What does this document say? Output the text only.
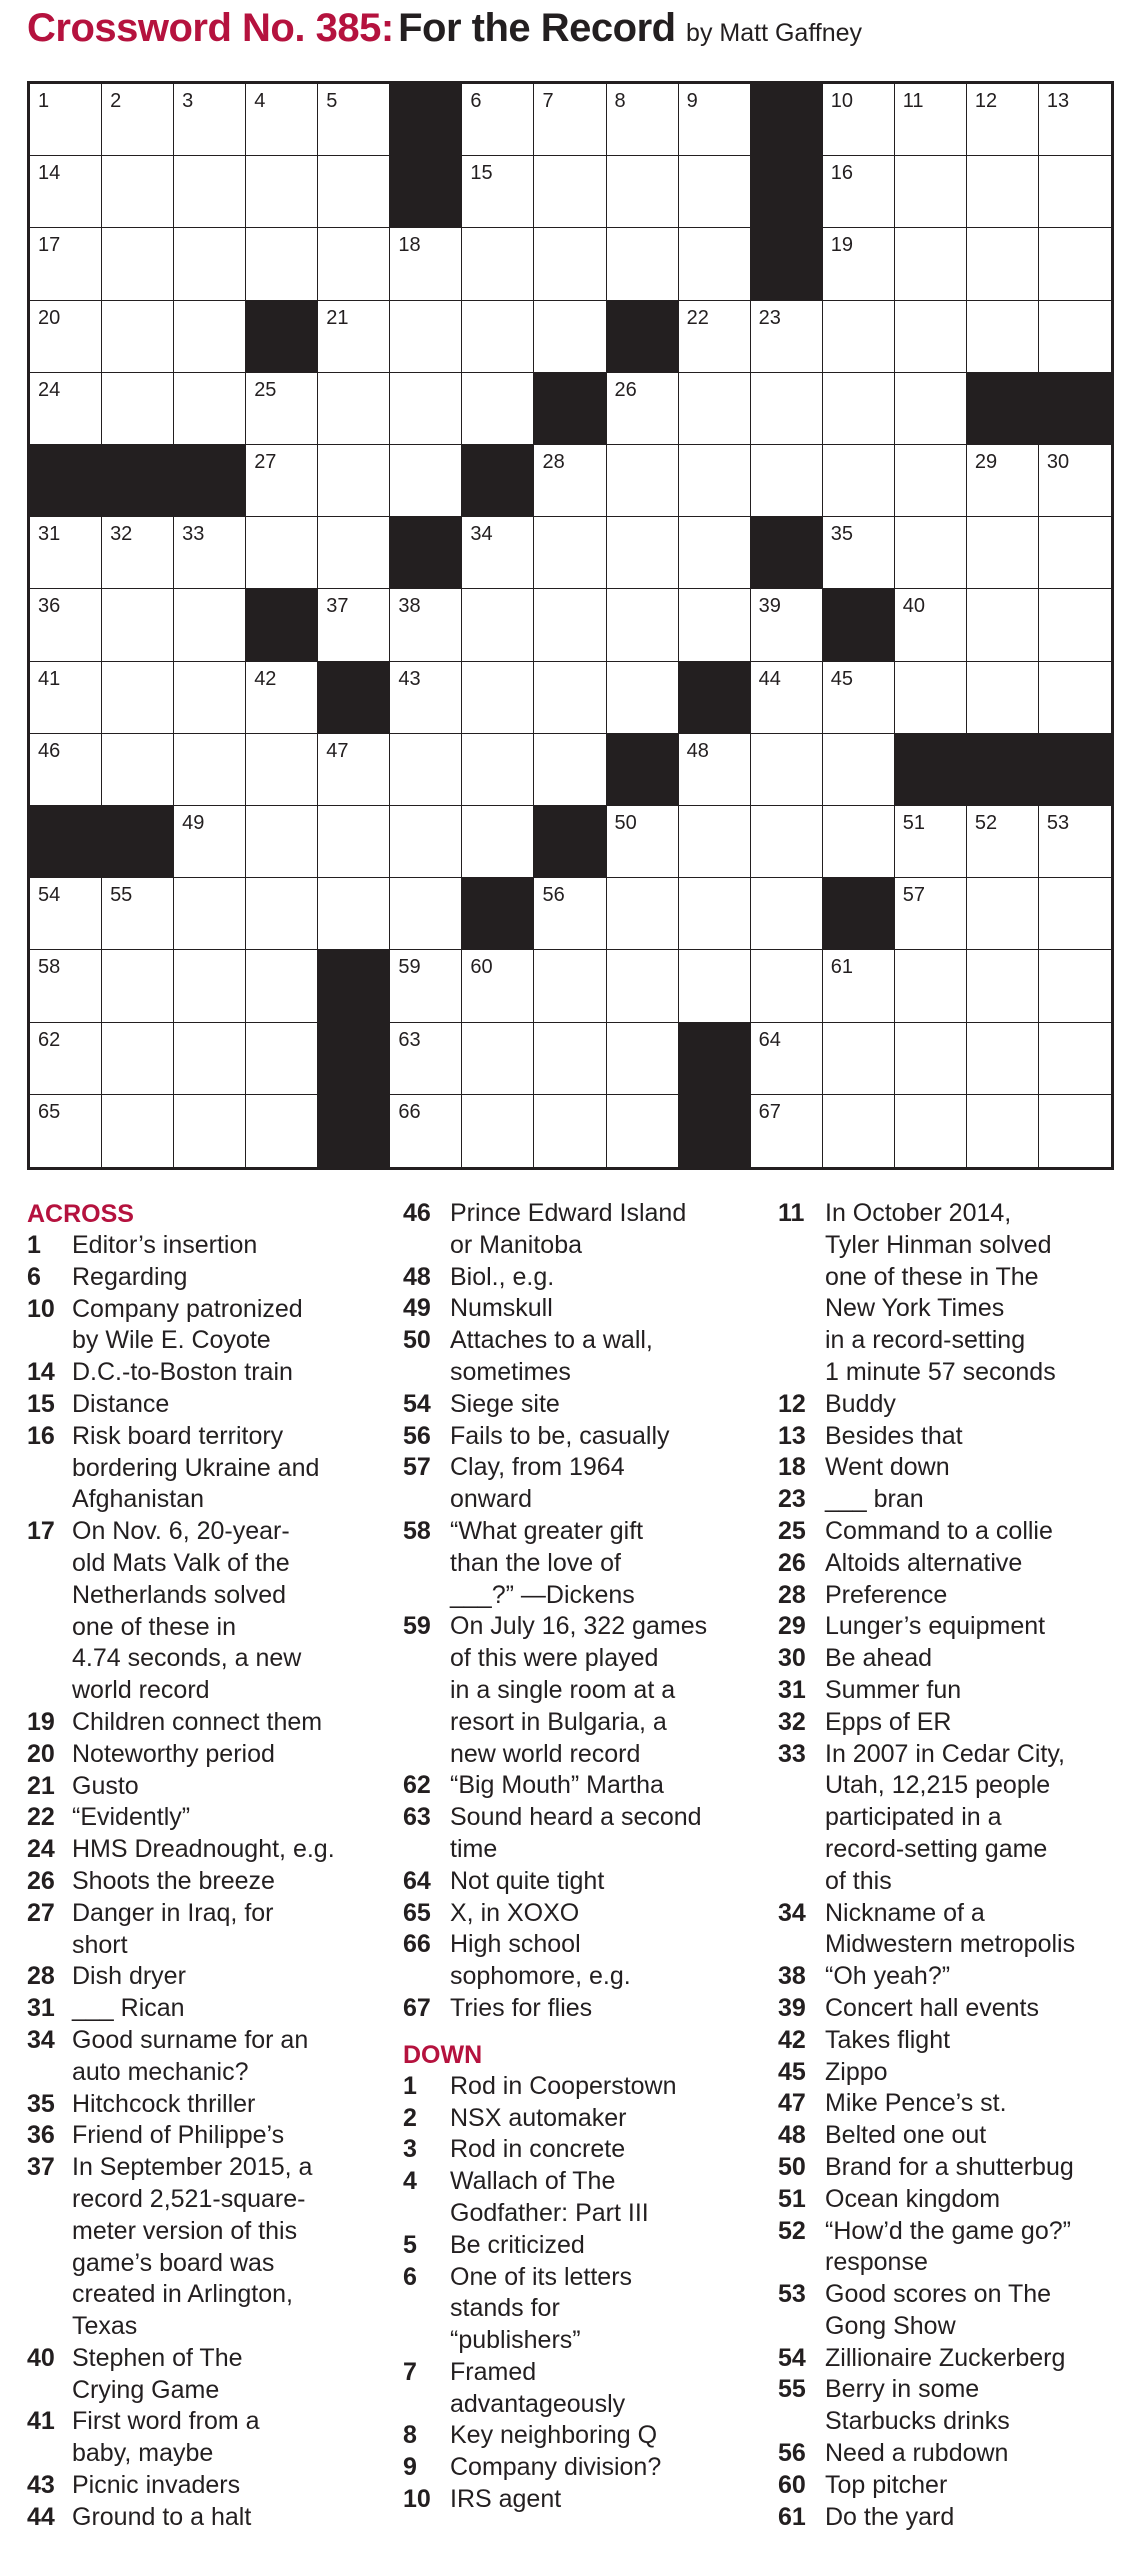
Crossword No. 385: For the Record by Matt Gaffney
1	2	3	4	5	6	7	8	9	10 11	12 13
14	15	16
17	18	19
20	21	22 23
24	25	26
27	28	29 30
31 32 33	34	35
36	37 38	39	40
41	42	43	44 45
46	47	48
49	50	51 52 53
54 55	56	57
58	59 60	61
62	63	64
65	66	67
ACROSS
1 Editor’s insertion
6 Regarding
10 Company patronized
by Wile E. Coyote
14 D.C.-to-Boston train
15 Distance
16 Risk board territory
bordering Ukraine and
Afghanistan
17 On Nov. 6, 20-year-
old Mats Valk of the
Netherlands solved
one of these in
4.74 seconds, a new
world record
19 Children connect them
20 Noteworthy period
21 Gusto
22 “Evidently”
24 HMS Dreadnought, e.g.
26 Shoots the breeze
27 Danger in Iraq, for
short
28 Dish dryer
31 ___ Rican
34 Good surname for an
auto mechanic?
35 Hitchcock thriller
36 Friend of Philippe’s
37 In September 2015, a
record 2,521-square-
meter version of this
game’s board was
created in Arlington,
Texas
40 Stephen of The
Crying Game
41 First word from a
baby, maybe
43 Picnic invaders
44 Ground to a halt
46 Prince Edward Island
or Manitoba
48 Biol., e.g.
49 Numskull
50 Attaches to a wall,
sometimes
54 Siege site
56 Fails to be, casually
57 Clay, from 1964
onward
58 “What greater gift
than the love of
___?” —Dickens
59 On July 16, 322 games
of this were played
in a single room at a
resort in Bulgaria, a
new world record
62 “Big Mouth” Martha
63 Sound heard a second
time
64 Not quite tight
65 X, in XOXO
66 High school
sophomore, e.g.
67 Tries for flies
DOWN
1 Rod in Cooperstown
2 NSX automaker
3 Rod in concrete
4 Wallach of The
Godfather: Part III
5 Be criticized
6 One of its letters
stands for
“publishers”
7 Framed
advantageously
8 Key neighboring Q
9 Company division?
10 IRS agent
11 In October 2014,
Tyler Hinman solved
one of these in The
New York Times
in a record-setting
1 minute 57 seconds
12 Buddy
13 Besides that
18 Went down
23 ___ bran
25 Command to a collie
26 Altoids alternative
28 Preference
29 Lunger’s equipment
30 Be ahead
31 Summer fun
32 Epps of ER
33 In 2007 in Cedar City,
Utah, 12,215 people
participated in a
record-setting game
of this
34 Nickname of a
Midwestern metropolis
38 “Oh yeah?”
39 Concert hall events
42 Takes flight
45 Zippo
47 Mike Pence’s st.
48 Belted one out
50 Brand for a shutterbug
51 Ocean kingdom
52 “How’d the game go?”
response
53 Good scores on The
Gong Show
54 Zillionaire Zuckerberg
55 Berry in some
Starbucks drinks
56 Need a rubdown
60 Top pitcher
61 Do the yard
